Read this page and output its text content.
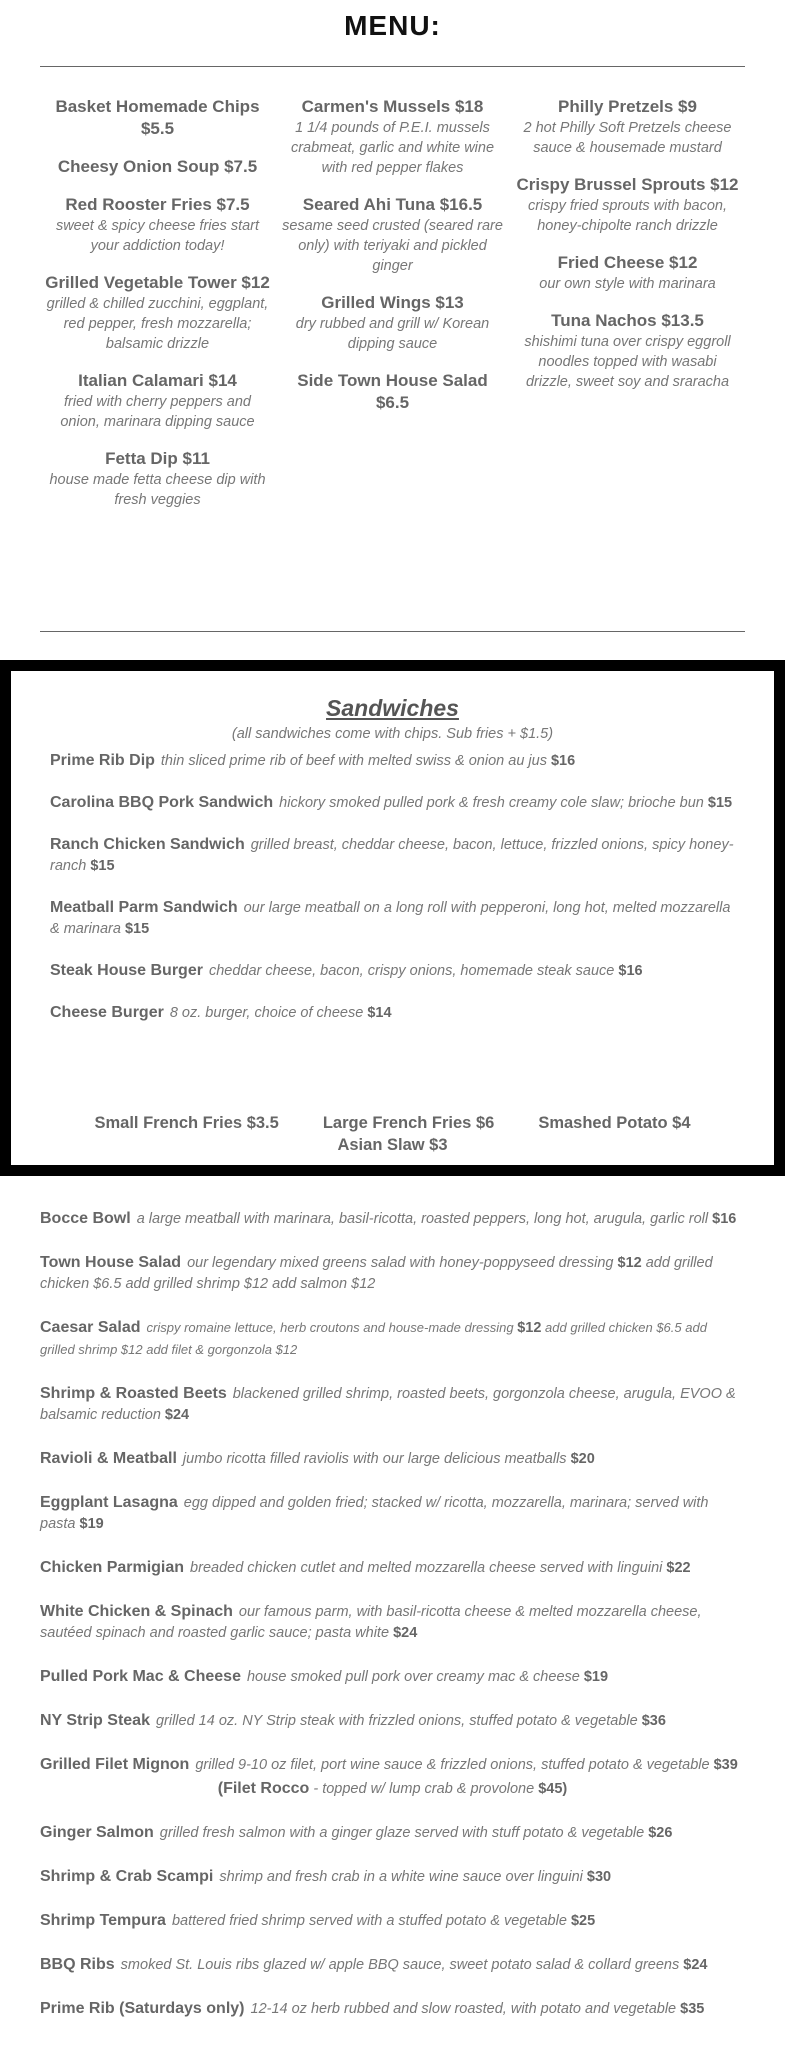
MENU:
Basket Homemade Chips $5.5
Cheesy Onion Soup $7.5
Red Rooster Fries $7.5
sweet & spicy cheese fries start your addiction today!
Grilled Vegetable Tower $12
grilled & chilled zucchini, eggplant, red pepper, fresh mozzarella; balsamic drizzle
Italian Calamari $14
fried with cherry peppers and onion, marinara dipping sauce
Fetta Dip $11
house made fetta cheese dip with fresh veggies
Carmen's Mussels $18
1 1/4 pounds of P.E.I. mussels crabmeat, garlic and white wine with red pepper flakes
Seared Ahi Tuna $16.5
sesame seed crusted (seared rare only) with teriyaki and pickled ginger
Grilled Wings $13
dry rubbed and grill w/ Korean dipping sauce
Side Town House Salad $6.5
Philly Pretzels $9
2 hot Philly Soft Pretzels cheese sauce & housemade mustard
Crispy Brussel Sprouts $12
crispy fried sprouts with bacon, honey-chipolte ranch drizzle
Fried Cheese $12
our own style with marinara
Tuna Nachos $13.5
shishimi tuna over crispy eggroll noodles topped with wasabi drizzle, sweet soy and sraracha
Sandwiches
(all sandwiches come with chips. Sub fries + $1.5)
Prime Rib Dip thin sliced prime rib of beef with melted swiss & onion au jus $16
Carolina BBQ Pork Sandwich hickory smoked pulled pork & fresh creamy cole slaw; brioche bun $15
Ranch Chicken Sandwich grilled breast, cheddar cheese, bacon, lettuce, frizzled onions, spicy honey-ranch $15
Meatball Parm Sandwich our large meatball on a long roll with pepperoni, long hot, melted mozzarella & marinara $15
Steak House Burger cheddar cheese, bacon, crispy onions, homemade steak sauce $16
Cheese Burger 8 oz. burger, choice of cheese $14
Small French Fries $3.5	Large French Fries $6	Smashed Potato $4Asian Slaw $3
Bocce Bowl a large meatball with marinara, basil-ricotta, roasted peppers, long hot, arugula, garlic roll $16
Town House Salad our legendary mixed greens salad with honey-poppyseed dressing $12 add grilled chicken $6.5 add grilled shrimp $12 add salmon $12
Caesar Salad crispy romaine lettuce, herb croutons and house-made dressing $12 add grilled chicken $6.5 add grilled shrimp $12 add filet & gorgonzola $12
Shrimp & Roasted Beets blackened grilled shrimp, roasted beets, gorgonzola cheese, arugula, EVOO & balsamic reduction $24
Ravioli & Meatball jumbo ricotta filled raviolis with our large delicious meatballs $20
Eggplant Lasagna egg dipped and golden fried; stacked w/ ricotta, mozzarella, marinara; served with pasta $19
Chicken Parmigian breaded chicken cutlet and melted mozzarella cheese served with linguini $22
White Chicken & Spinach our famous parm, with basil-ricotta cheese & melted mozzarella cheese, sautéed spinach and roasted garlic sauce; pasta white $24
Pulled Pork Mac & Cheese house smoked pull pork over creamy mac & cheese $19
NY Strip Steak grilled 14 oz. NY Strip steak with frizzled onions, stuffed potato & vegetable $36
Grilled Filet Mignon grilled 9-10 oz filet, port wine sauce & frizzled onions, stuffed potato & vegetable $39
(Filet Rocco - topped w/ lump crab & provolone $45)
Ginger Salmon grilled fresh salmon with a ginger glaze served with stuff potato & vegetable $26
Shrimp & Crab Scampi shrimp and fresh crab in a white wine sauce over linguini $30
Shrimp Tempura battered fried shrimp served with a stuffed potato & vegetable $25
BBQ Ribs smoked St. Louis ribs glazed w/ apple BBQ sauce, sweet potato salad & collard greens $24
Prime Rib (Saturdays only) 12-14 oz herb rubbed and slow roasted, with potato and vegetable $35
